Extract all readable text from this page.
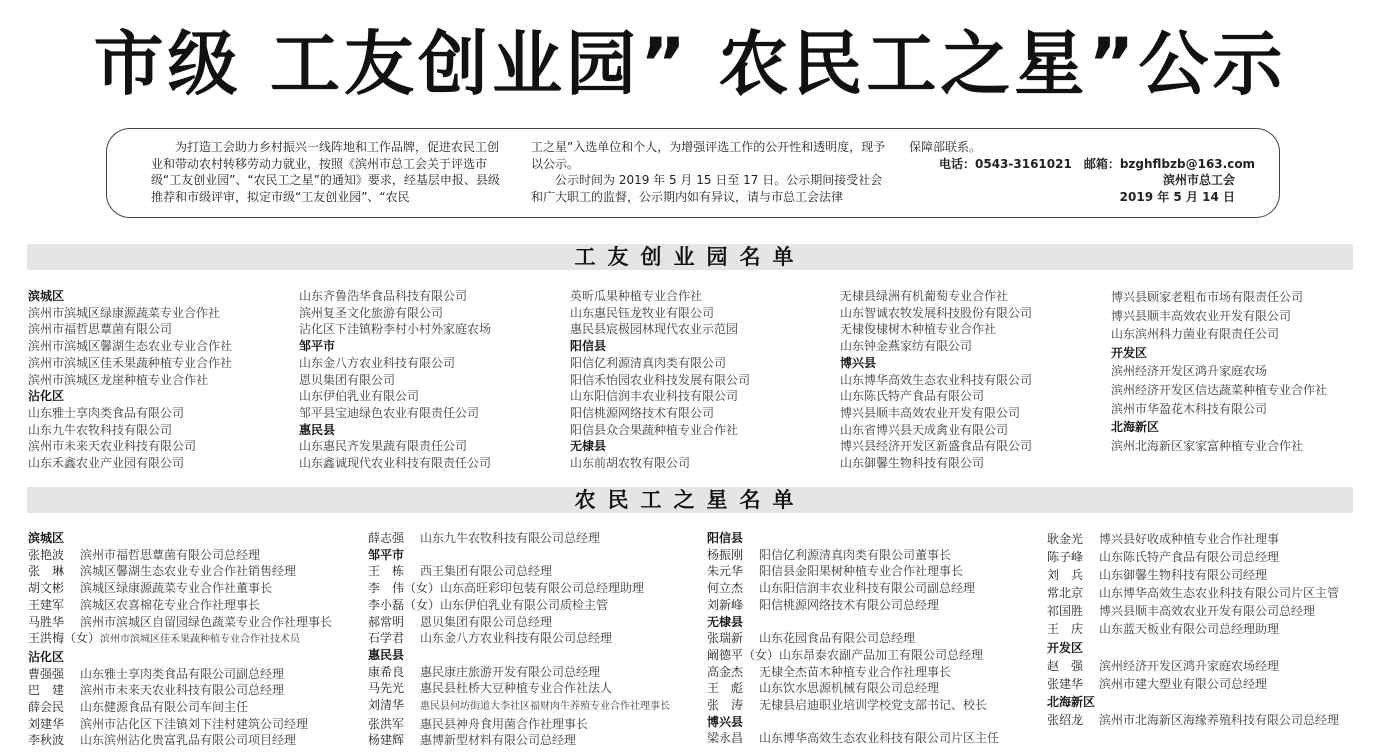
市级 工友创业园” 农民工之星”公示

为打造工会助力乡村振兴一线阵地和工作品牌，促进农民工创业和带动农村转移劳动力就业，按照《滨州市总工会关于评选市级“工友创业园”、“农民工之星”的通知》要求，经基层申报、县级推荐和市级评审，拟定市级“工友创业园”、“农民

工之星”入选单位和个人，为增强评选工作的公开性和透明度，现予以公示。

公示时间为 2019 年 5 月 15 日至 17 日。公示期间接受社会和广大职工的监督，公示期内如有异议，请与市总工会法律

保障部联系。

电话：0543-3161021　邮箱：bzghflbzb@163.com
滨州市总工会
2019 年 5 月 14 日
工友创业园名单
滨城区
滨州市滨城区绿康源蔬菜专业合作社
滨州市福哲思蕈菌有限公司
滨州市滨城区馨湖生态农业专业合作社
滨州市滨城区佳禾果蔬种植专业合作社
滨州市滨城区龙崖种植专业合作社
沾化区
山东雅士享肉类食品有限公司
山东九牛农牧科技有限公司
滨州市未来天农业科技有限公司
山东禾鑫农业产业园有限公司
山东齐鲁浩华食品科技有限公司
滨州复圣文化旅游有限公司
沾化区下洼镇粉李村小村外家庭农场
邹平市
山东金八方农业科技有限公司
恩贝集团有限公司
山东伊伯乳业有限公司
邹平县宝迪绿色农业有限责任公司
惠民县
山东惠民齐发果蔬有限责任公司
山东鑫诚现代农业科技有限责任公司
英昕瓜果种植专业合作社
山东惠民钰龙牧业有限公司
惠民县宸极园林现代农业示范园
阳信县
阳信亿利源清真肉类有限公司
阳信禾怡园农业科技发展有限公司
山东阳信润丰农业科技有限公司
阳信桃源网络技术有限公司
阳信县众合果蔬种植专业合作社
无棣县
山东前胡农牧有限公司
无棣县绿洲有机葡萄专业合作社
山东智诚农牧发展科技股份有限公司
无棣俊棣树木种植专业合作社
山东钟金燕家纺有限公司
博兴县
山东博华高效生态农业科技有限公司
山东陈氏特产食品有限公司
博兴县顺丰高效农业开发有限公司
山东省博兴县天成禽业有限公司
博兴县经济开发区新盛食品有限公司
山东御馨生物科技有限公司
博兴县顾家老粗布市场有限责任公司
博兴县顺丰高效农业开发有限公司
山东滨州科力菌业有限责任公司
开发区
滨州经济开发区鸿升家庭农场
滨州经济开发区信达蔬菜种植专业合作社
滨州市华盈花木科技有限公司
北海新区
滨州北海新区家家富种植专业合作社
农民工之星名单
滨城区
张艳波 滨州市福哲思蕈菌有限公司总经理
张　琳 滨城区馨湖生态农业专业合作社销售经理
胡文彬 滨城区绿康源蔬菜专业合作社董事长
王建军 滨城区农喜棉花专业合作社理事长
马胜华 滨州市滨城区自留园绿色蔬菜专业合作社理事长
王洪梅（女）滨州市滨城区佳禾果蔬种植专业合作社技术员
沾化区
曹强强 山东雅士享肉类食品有限公司副总经理
巴　建 滨州市未来天农业科技有限公司总经理
薛会民 山东健源食品有限公司车间主任
刘建华 滨州市沾化区下洼镇刘下洼村建筑公司经理
李秋波 山东滨州沾化贵富乳品有限公司项目经理
薛志强 山东九牛农牧科技有限公司总经理
邹平市
王　栋 西王集团有限公司总经理
李　伟（女）山东高旺彩印包装有限公司总经理助理
李小磊（女）山东伊伯乳业有限公司质检主管
郝常明 恩贝集团有限公司总经理
石学君 山东金八方农业科技有限公司总经理
惠民县
康希良 惠民康庄旅游开发有限公司总经理
马先光 惠民县杜桥大豆种植专业合作社法人
刘清华 惠民县何坊街道大李社区福财肉牛养殖专业合作社理事长
张洪军 惠民县神舟食用菌合作社理事长
杨建辉 惠博新型材料有限公司总经理
阳信县
杨振刚 阳信亿利源清真肉类有限公司董事长
朱元华 阳信县金阳果树种植专业合作社理事长
何立杰 山东阳信润丰农业科技有限公司副总经理
刘新峰 阳信桃源网络技术有限公司总经理
无棣县
张瑞新 山东花园食品有限公司总经理
阚德平（女）山东昂泰农副产品加工有限公司总经理
高金杰 无棣全杰苗木种植专业合作社理事长
王　彪 山东饮水思源机械有限公司总经理
张　涛 无棣县启迪职业培训学校党支部书记、校长
博兴县
梁永昌 山东博华高效生态农业科技有限公司片区主任
耿金光 博兴县好收成种植专业合作社理事
陈子峰 山东陈氏特产食品有限公司总经理
刘　兵 山东御馨生物科技有限公司经理
常北京 山东博华高效生态农业科技有限公司片区主管
祁国胜 博兴县顺丰高效农业开发有限公司总经理
王　庆 山东蓝天板业有限公司总经理助理
开发区
赵　强 滨州经济开发区鸿升家庭农场经理
张建华 滨州市建大塑业有限公司总经理
北海新区
张绍龙 滨州市北海新区海缘养殖科技有限公司总经理
